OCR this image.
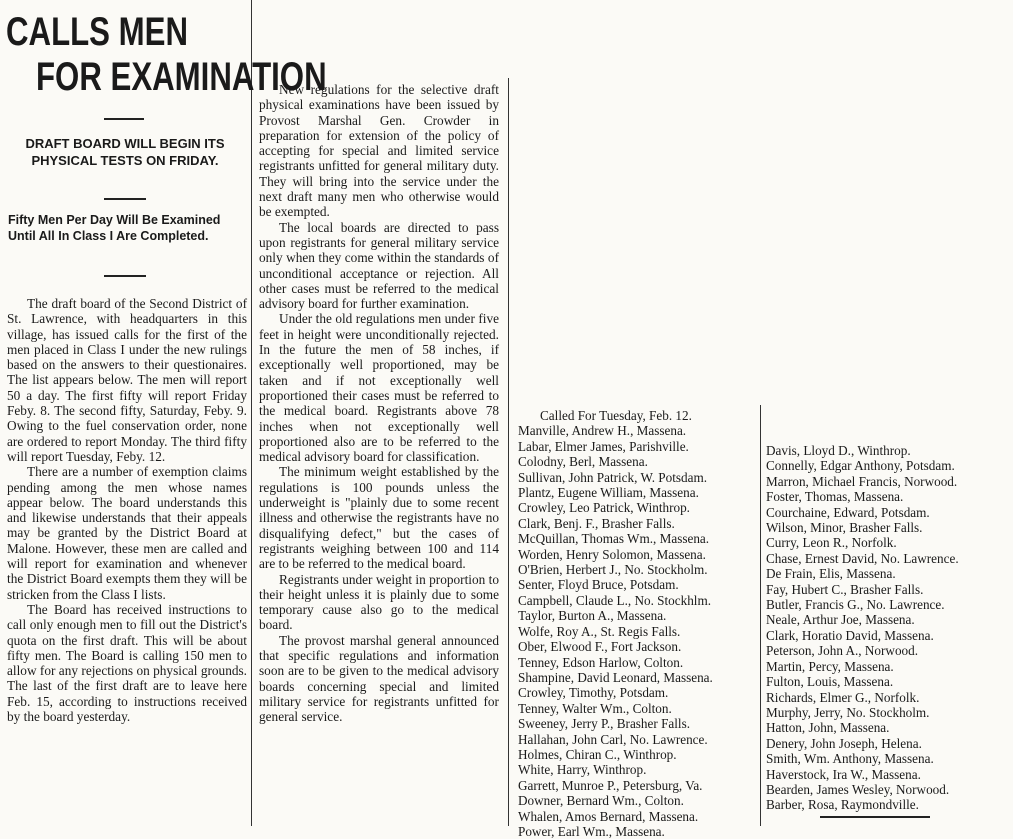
CALLS MEN
FOR EXAMINATION
DRAFT BOARD WILL BEGIN ITS PHYSICAL TESTS ON FRIDAY.
Fifty Men Per Day Will Be Examined Until All In Class I Are Completed.

The draft board of the Second District of St. Lawrence, with headquarters in this village, has issued calls for the first of the men placed in Class I under the new rulings based on the answers to their questionaires. The list appears below. The men will report 50 a day. The first fifty will report Friday Feby. 8. The second fifty, Saturday, Feby. 9. Owing to the fuel conservation order, none are ordered to report Monday. The third fifty will report Tuesday, Feby. 12.

There are a number of exemption claims pending among the men whose names appear below. The board understands this and likewise understands that their appeals may be granted by the District Board at Malone. However, these men are called and will report for examination and whenever the District Board exempts them they will be stricken from the Class I lists.

The Board has received instructions to call only enough men to fill out the District's quota on the first draft. This will be about fifty men. The Board is calling 150 men to allow for any rejections on physical grounds. The last of the first draft are to leave here Feb. 15, according to instructions received by the board yesterday.

New regulations for the selective draft physical examinations have been issued by Provost Marshal Gen. Crowder in preparation for extension of the policy of accepting for special and limited service registrants unfitted for general military duty. They will bring into the service under the next draft many men who otherwise would be exempted.

The local boards are directed to pass upon registrants for general military service only when they come within the standards of unconditional acceptance or rejection. All other cases must be referred to the medical advisory board for further examination.

Under the old regulations men under five feet in height were unconditionally rejected. In the future the men of 58 inches, if exceptionally well proportioned, may be taken and if not exceptionally well proportioned their cases must be referred to the medical board. Registrants above 78 inches when not exceptionally well proportioned also are to be referred to the medical advisory board for classification.

The minimum weight established by the regulations is 100 pounds unless the underweight is "plainly due to some recent illness and otherwise the registrants have no disqualifying defect," but the cases of registrants weighing between 100 and 114 are to be referred to the medical board.

Registrants under weight in proportion to their height unless it is plainly due to some temporary cause also go to the medical board.

The provost marshal general announced that specific regulations and information soon are to be given to the medical advisory boards concerning special and limited military service for registrants unfitted for general service.

Called For Tuesday, Feb. 12.
Manville, Andrew H., Massena.
Labar, Elmer James, Parishville.
Colodny, Berl, Massena.
Sullivan, John Patrick, W. Potsdam.
Plantz, Eugene William, Massena.
Crowley, Leo Patrick, Winthrop.
Clark, Benj. F., Brasher Falls.
McQuillan, Thomas Wm., Massena.
Worden, Henry Solomon, Massena.
O'Brien, Herbert J., No. Stockholm.
Senter, Floyd Bruce, Potsdam.
Campbell, Claude L., No. Stockhlm.
Taylor, Burton A., Massena.
Wolfe, Roy A., St. Regis Falls.
Ober, Elwood F., Fort Jackson.
Tenney, Edson Harlow, Colton.
Shampine, David Leonard, Massena.
Crowley, Timothy, Potsdam.
Tenney, Walter Wm., Colton.
Sweeney, Jerry P., Brasher Falls.
Hallahan, John Carl, No. Lawrence.
Holmes, Chiran C., Winthrop.
White, Harry, Winthrop.
Garrett, Munroe P., Petersburg, Va.
Downer, Bernard Wm., Colton.
Whalen, Amos Bernard, Massena.
Power, Earl Wm., Massena.
Davis, Lloyd D., Winthrop.
Connelly, Edgar Anthony, Potsdam.
Marron, Michael Francis, Norwood.
Foster, Thomas, Massena.
Courchaine, Edward, Potsdam.
Wilson, Minor, Brasher Falls.
Curry, Leon R., Norfolk.
Chase, Ernest David, No. Lawrence.
De Frain, Elis, Massena.
Fay, Hubert C., Brasher Falls.
Butler, Francis G., No. Lawrence.
Neale, Arthur Joe, Massena.
Clark, Horatio David, Massena.
Peterson, John A., Norwood.
Martin, Percy, Massena.
Fulton, Louis, Massena.
Richards, Elmer G., Norfolk.
Murphy, Jerry, No. Stockholm.
Hatton, John, Massena.
Denery, John Joseph, Helena.
Smith, Wm. Anthony, Massena.
Haverstock, Ira W., Massena.
Bearden, James Wesley, Norwood.
Barber, Rosa, Raymondville.
